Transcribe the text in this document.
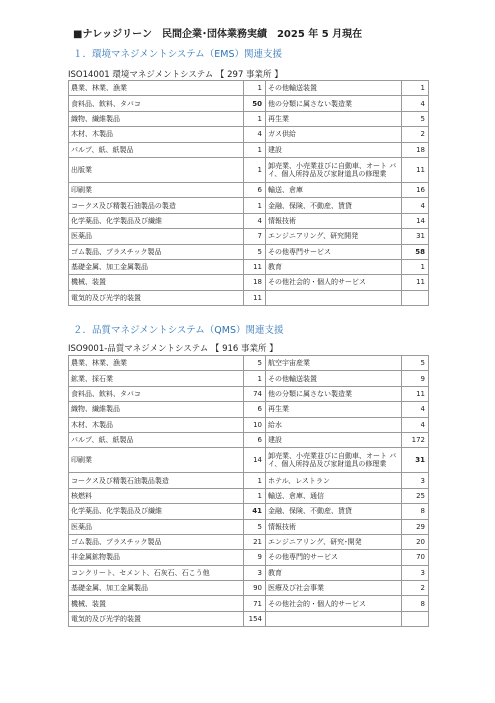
■ナレッジリーン　民間企業･団体業務実績　2025 年 5 月現在
１．環境マネジメントシステム（EMS）関連支援
ISO14001 環境マネジメントシステム 【 297 事業所 】
農業、林業、漁業	1	その他輸送装置	1
食料品、飲料、タバコ	50	他の分類に属さない製造業	4
織物、繊維製品	1	再生業	5
木材、木製品	4	ガス供給	2
パルプ、紙、紙製品	1	建設	18
出版業	1	卸売業、小売業並びに自動車、オート バイ、個人所持品及び家財道具の修理業	11
印刷業	6	輸送、倉庫	16
コークス及び精製石油製品の製造	1	金融、保険、不動産、賃貸	4
化学薬品、化学製品及び繊維	4	情報技術	14
医薬品	7	エンジニアリング、研究開発	31
ゴム製品、プラスチック製品	5	その他専門サービス	58
基礎金属、加工金属製品	11	教育	1
機械、装置	18	その他社会的・個人的サービス	11
電気的及び光学的装置	11		
２．品質マネジメントシステム（QMS）関連支援
ISO9001-品質マネジメントシステム 【 916 事業所 】
農業、林業、漁業	5	航空宇宙産業	5
鉱業、採石業	1	その他輸送装置	9
食料品、飲料、タバコ	74	他の分類に属さない製造業	11
織物、繊維製品	6	再生業	4
木材、木製品	10	給水	4
パルプ、紙、紙製品	6	建設	172
印刷業	14	卸売業、小売業並びに自動車、オート バイ、個人所持品及び家財道具の修理業	31
コークス及び精製石油製品製造	1	ホテル、レストラン	3
核燃料	1	輸送、倉庫、通信	25
化学薬品、化学製品及び繊維	41	金融、保険、不動産、賃貸	8
医薬品	5	情報技術	29
ゴム製品、プラスチック製品	21	エンジニアリング、研究･開発	20
非金属鉱物製品	9	その他専門的サービス	70
コンクリート、セメント、石灰石、石こう他	3	教育	3
基礎金属、加工金属製品	90	医療及び社会事業	2
機械、装置	71	その他社会的・個人的サービス	8
電気的及び光学的装置	154		
